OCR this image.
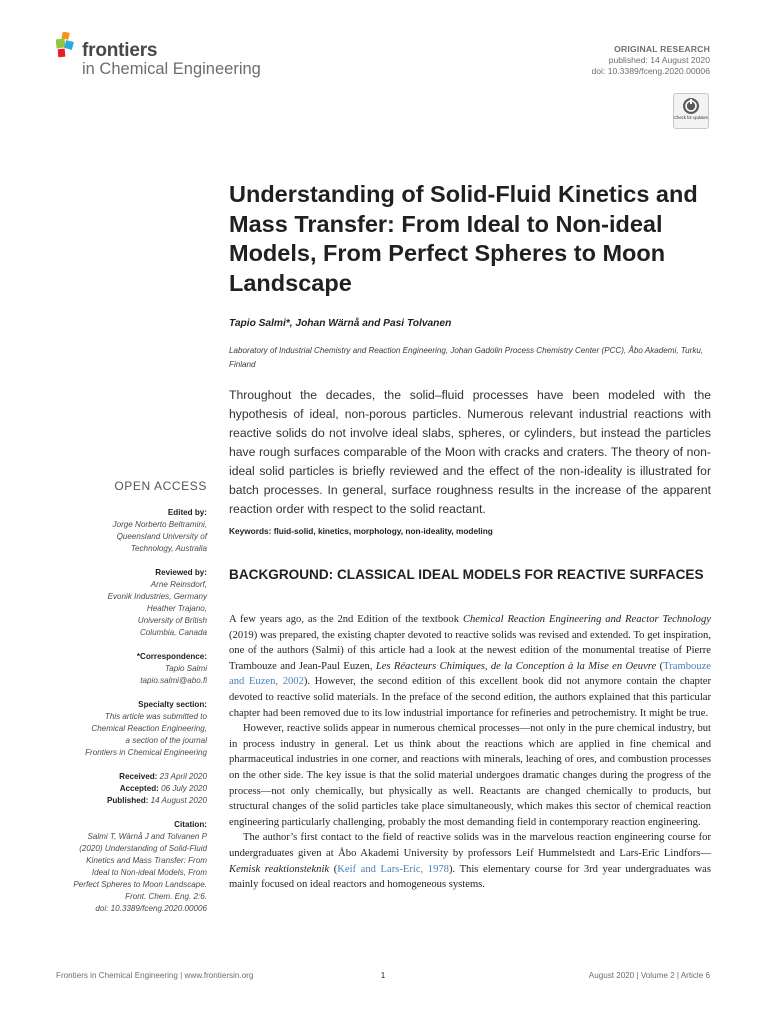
frontiers
in Chemical Engineering
ORIGINAL RESEARCH
published: 14 August 2020
doi: 10.3389/fceng.2020.00006
Check for updates
Understanding of Solid-Fluid Kinetics and Mass Transfer: From Ideal to Non-ideal Models, From Perfect Spheres to Moon Landscape
Tapio Salmi*, Johan Wärnå and Pasi Tolvanen
Laboratory of Industrial Chemistry and Reaction Engineering, Johan Gadolin Process Chemistry Center (PCC), Åbo Akademi, Turku, Finland

Throughout the decades, the solid–fluid processes have been modeled with the hypothesis of ideal, non-porous particles. Numerous relevant industrial reactions with reactive solids do not involve ideal slabs, spheres, or cylinders, but instead the particles have rough surfaces comparable of the Moon with cracks and craters. The theory of non-ideal solid particles is briefly reviewed and the effect of the non-ideality is illustrated for batch processes. In general, surface roughness results in the increase of the apparent reaction order with respect to the solid reactant.

Keywords: fluid-solid, kinetics, morphology, non-ideality, modeling
OPEN ACCESS
Edited by:
Jorge Norberto Beltramini,
Queensland University of
Technology, Australia
Reviewed by:
Arne Reinsdorf,
Evonik Industries, Germany
Heather Trajano,
University of British
Columbia, Canada
*Correspondence:
Tapio Salmi
tapio.salmi@abo.fi
Specialty section:
This article was submitted to
Chemical Reaction Engineering,
a section of the journal
Frontiers in Chemical Engineering
Received: 23 April 2020
Accepted: 06 July 2020
Published: 14 August 2020
Citation:
Salmi T, Wärnå J and Tolvanen P
(2020) Understanding of Solid-Fluid
Kinetics and Mass Transfer: From
Ideal to Non-ideal Models, From
Perfect Spheres to Moon Landscape.
Front. Chem. Eng. 2:6.
doi: 10.3389/fceng.2020.00006
BACKGROUND: CLASSICAL IDEAL MODELS FOR REACTIVE SURFACES

A few years ago, as the 2nd Edition of the textbook Chemical Reaction Engineering and Reactor Technology (2019) was prepared, the existing chapter devoted to reactive solids was revised and extended. To get inspiration, one of the authors (Salmi) of this article had a look at the newest edition of the monumental treatise of Pierre Trambouze and Jean-Paul Euzen, Les Réacteurs Chimiques, de la Conception à la Mise en Oeuvre (Trambouze and Euzen, 2002). However, the second edition of this excellent book did not anymore contain the chapter devoted to reactive solid materials. In the preface of the second edition, the authors explained that this particular chapter had been removed due to its low industrial importance for refineries and petrochemistry. It might be true.

However, reactive solids appear in numerous chemical processes—not only in the pure chemical industry, but in process industry in general. Let us think about the reactions which are applied in fine chemical and pharmaceutical industries in one corner, and reactions with minerals, leaching of ores, and combustion processes on the other side. The key issue is that the solid material undergoes dramatic changes during the progress of the process—not only chemically, but physically as well. Reactants are changed chemically to products, but structural changes of the solid particles take place simultaneously, which makes this sector of chemical reaction engineering particularly challenging, probably the most demanding field in contemporary reaction engineering.

The author’s first contact to the field of reactive solids was in the marvelous reaction engineering course for undergraduates given at Åbo Akademi University by professors Leif Hummelstedt and Lars-Eric Lindfors—Kemisk reaktionsteknik (Keif and Lars-Eric, 1978). This elementary course for 3rd year undergraduates was mainly focused on ideal reactors and homogeneous systems.

Frontiers in Chemical Engineering | www.frontiersin.org	1	August 2020 | Volume 2 | Article 6
